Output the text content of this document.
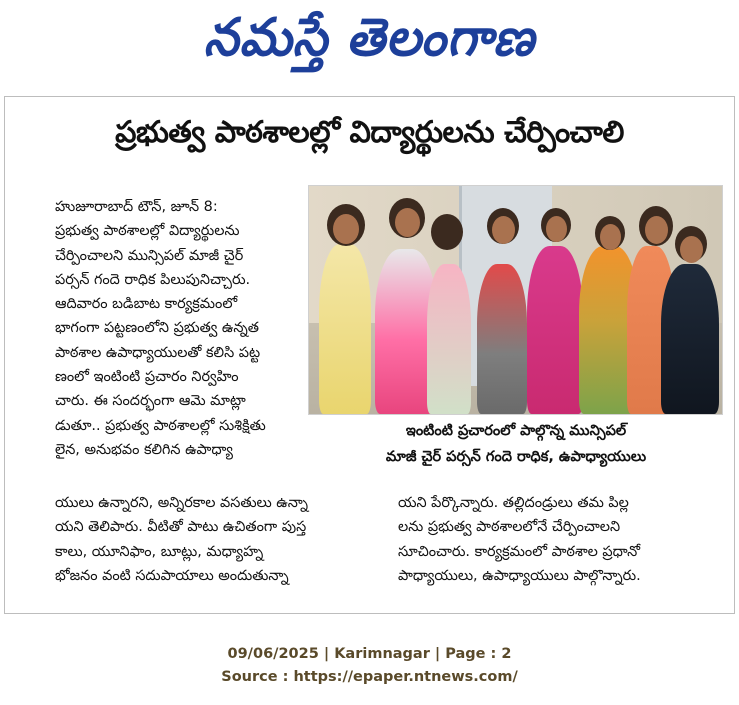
నమస్తే తెలంగాణ
ప్రభుత్వ పాఠశాలల్లో విద్యార్థులను చేర్పించాలి
హుజూరాబాద్ టౌన్, జూన్ 8:
ప్రభుత్వ పాఠశాలల్లో విద్యార్థులను
చేర్పించాలని మున్సిపల్ మాజీ చైర్
పర్సన్ గందె రాధిక పిలుపునిచ్చారు.
ఆదివారం బడిబాట కార్యక్రమంలో
భాగంగా పట్టణంలోని ప్రభుత్వ ఉన్నత
పాఠశాల ఉపాధ్యాయులతో కలిసి పట్ట
ణంలో ఇంటింటి ప్రచారం నిర్వహిం
చారు. ఈ సందర్భంగా ఆమె మాట్లా
డుతూ.. ప్రభుత్వ పాఠశాలల్లో సుశిక్షితు
లైన, అనుభవం కలిగిన ఉపాధ్యా
ఇంటింటి ప్రచారంలో పాల్గొన్న మున్సిపల్
మాజీ చైర్ పర్సన్ గందె రాధిక, ఉపాధ్యాయులు
యులు ఉన్నారని, అన్నిరకాల వసతులు ఉన్నా
యని తెలిపారు. వీటితో పాటు ఉచితంగా పుస్త
కాలు, యూనిఫాం, బూట్లు, మధ్యాహ్న
భోజనం వంటి సదుపాయాలు అందుతున్నా
యని పేర్కొన్నారు. తల్లిదండ్రులు తమ పిల్ల
లను ప్రభుత్వ పాఠశాలలోనే చేర్పించాలని
సూచించారు. కార్యక్రమంలో పాఠశాల ప్రధానో
పాధ్యాయులు, ఉపాధ్యాయులు పాల్గొన్నారు.
09/06/2025 | Karimnagar | Page : 2
Source : https://epaper.ntnews.com/
